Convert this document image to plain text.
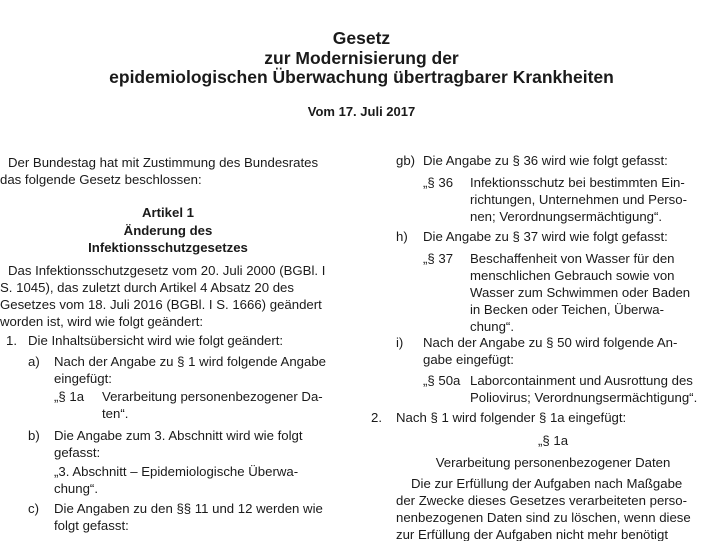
Gesetz
zur Modernisierung der
epidemiologischen Überwachung übertragbarer Krankheiten
Vom 17. Juli 2017
Der Bundestag hat mit Zustimmung des Bundesrates
das folgende Gesetz beschlossen:
Artikel 1
Änderung des
Infektionsschutzgesetzes
Das Infektionsschutzgesetz vom 20. Juli 2000 (BGBl. I
S. 1045), das zuletzt durch Artikel 4 Absatz 20 des
Gesetzes vom 18. Juli 2016 (BGBl. I S. 1666) geändert
worden ist, wird wie folgt geändert:
1. Die Inhaltsübersicht wird wie folgt geändert:
a) Nach der Angabe zu § 1 wird folgende Angabe
eingefügt:
„§ 1a Verarbeitung personenbezogener Da-
ten“.
b) Die Angabe zum 3. Abschnitt wird wie folgt
gefasst:
„3. Abschnitt – Epidemiologische Überwa-
chung“.
c) Die Angaben zu den §§ 11 und 12 werden wie
folgt gefasst:
gb) Die Angabe zu § 36 wird wie folgt gefasst:
„§ 36 Infektionsschutz bei bestimmten Ein-
richtungen, Unternehmen und Perso-
nen; Verordnungsermächtigung“.
h) Die Angabe zu § 37 wird wie folgt gefasst:
„§ 37 Beschaffenheit von Wasser für den
menschlichen Gebrauch sowie von
Wasser zum Schwimmen oder Baden
in Becken oder Teichen, Überwa-
chung“.
i) Nach der Angabe zu § 50 wird folgende An-
gabe eingefügt:
„§ 50a Laborcontainment und Ausrottung des
Poliovirus; Verordnungsermächtigung“.
2. Nach § 1 wird folgender § 1a eingefügt:
„§ 1a
Verarbeitung personenbezogener Daten
Die zur Erfüllung der Aufgaben nach Maßgabe
der Zwecke dieses Gesetzes verarbeiteten perso-
nenbezogenen Daten sind zu löschen, wenn diese
zur Erfüllung der Aufgaben nicht mehr benötigt
